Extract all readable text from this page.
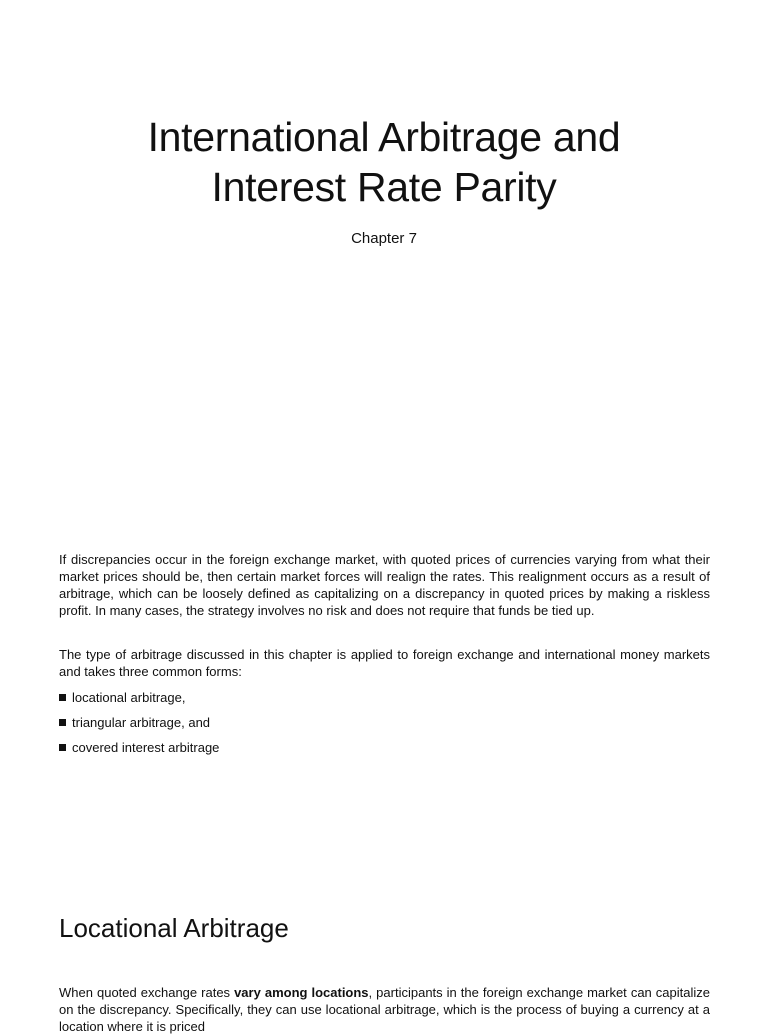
International Arbitrage and
Interest Rate Parity

Chapter 7

If discrepancies occur in the foreign exchange market, with quoted prices of currencies varying from what their market prices should be, then certain market forces will realign the rates. This realignment occurs as a result of arbitrage, which can be loosely defined as capitalizing on a discrepancy in quoted prices by making a riskless profit. In many cases, the strategy involves no risk and does not require that funds be tied up.

The type of arbitrage discussed in this chapter is applied to foreign exchange and international money markets and takes three common forms:

locational arbitrage,

triangular arbitrage, and

covered interest arbitrage

Locational Arbitrage

When quoted exchange rates vary among locations, participants in the foreign exchange market can capitalize on the discrepancy. Specifically, they can use locational arbitrage, which is the process of buying a currency at a location where it is priced
